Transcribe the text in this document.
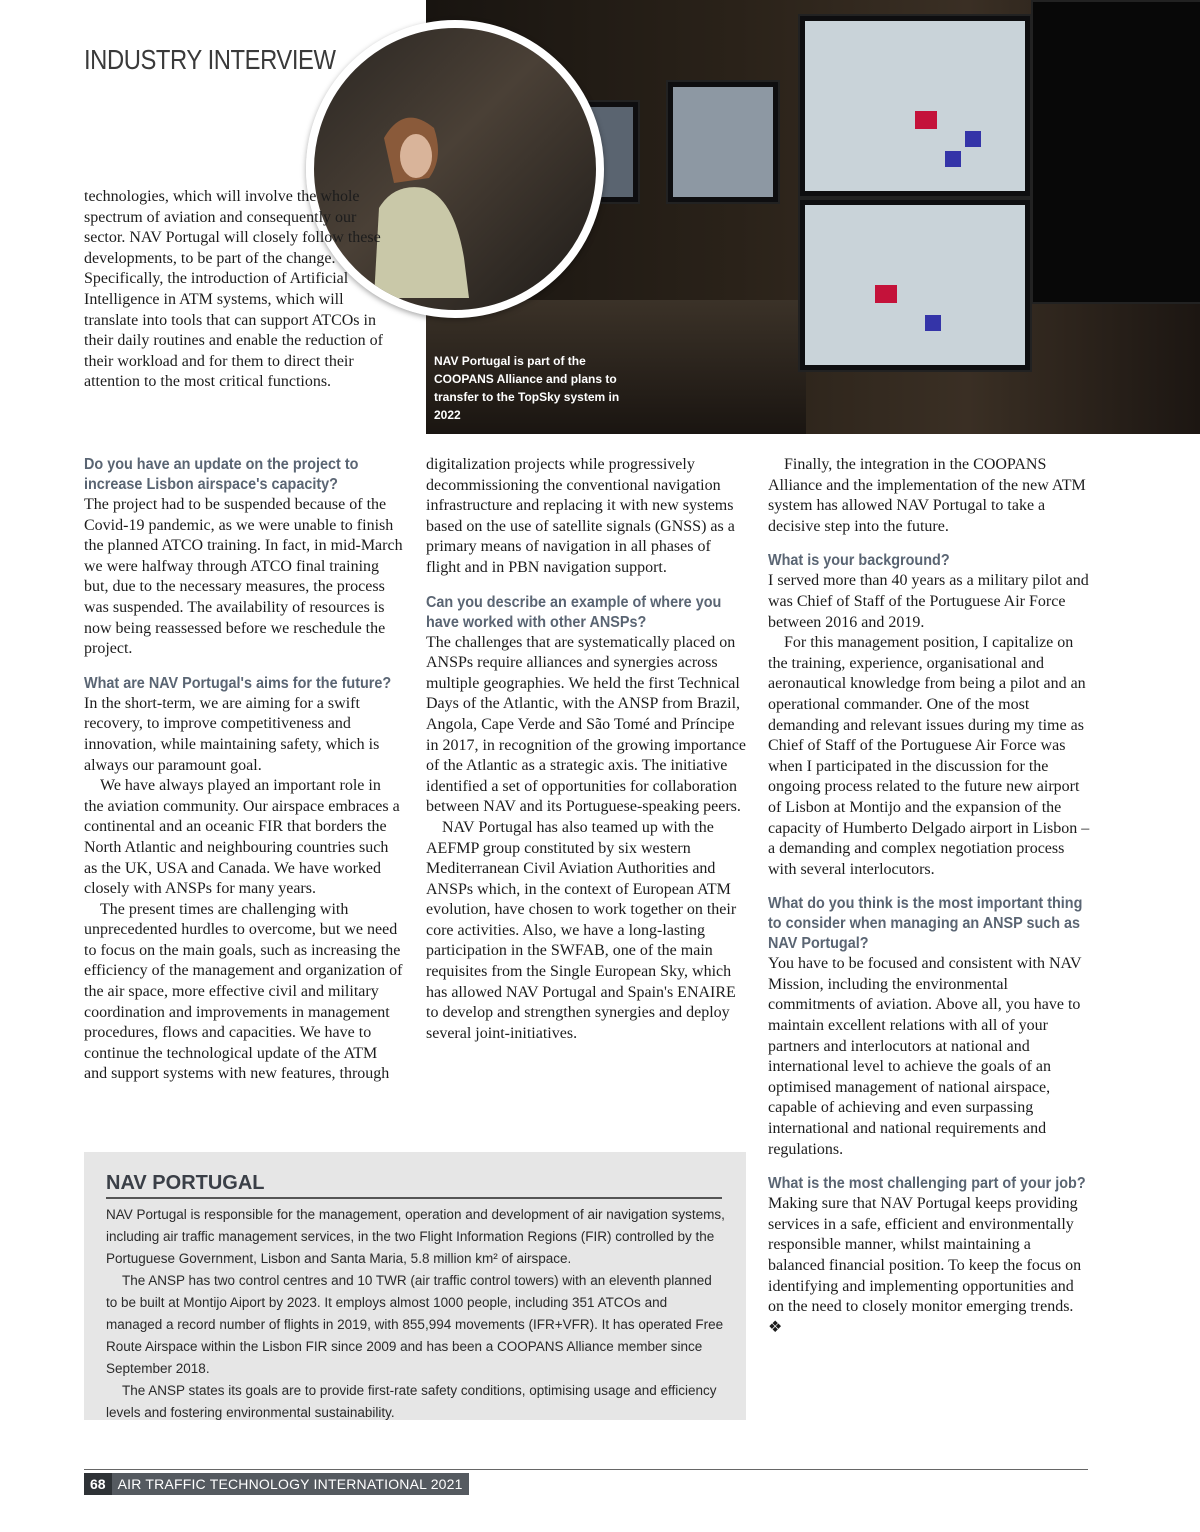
INDUSTRY INTERVIEW
NAV Portugal is part of the COOPANS Alliance and plans to transfer to the TopSky system in 2022

technologies, which will involve the whole spectrum of aviation and consequently our sector. NAV Portugal will closely follow these developments, to be part of the change. Specifically, the introduction of Artificial Intelligence in ATM systems, which will translate into tools that can support ATCOs in their daily routines and enable the reduction of their workload and for them to direct their attention to the most critical functions.

Do you have an update on the project to increase Lisbon airspace's capacity?

The project had to be suspended because of the Covid-19 pandemic, as we were unable to finish the planned ATCO training. In fact, in mid-March we were halfway through ATCO final training but, due to the necessary measures, the process was suspended. The availability of resources is now being reassessed before we reschedule the project.

What are NAV Portugal's aims for the future?

In the short-term, we are aiming for a swift recovery, to improve competitiveness and innovation, while maintaining safety, which is always our paramount goal.

We have always played an important role in the aviation community. Our airspace embraces a continental and an oceanic FIR that borders the North Atlantic and neighbouring countries such as the UK, USA and Canada. We have worked closely with ANSPs for many years.

The present times are challenging with unprecedented hurdles to overcome, but we need to focus on the main goals, such as increasing the efficiency of the management and organization of the air space, more effective civil and military coordination and improvements in management procedures, flows and capacities. We have to continue the technological update of the ATM and support systems with new features, through

digitalization projects while progressively decommissioning the conventional navigation infrastructure and replacing it with new systems based on the use of satellite signals (GNSS) as a primary means of navigation in all phases of flight and in PBN navigation support.

Can you describe an example of where you have worked with other ANSPs?

The challenges that are systematically placed on ANSPs require alliances and synergies across multiple geographies. We held the first Technical Days of the Atlantic, with the ANSP from Brazil, Angola, Cape Verde and São Tomé and Príncipe in 2017, in recognition of the growing importance of the Atlantic as a strategic axis. The initiative identified a set of opportunities for collaboration between NAV and its Portuguese-speaking peers.

NAV Portugal has also teamed up with the AEFMP group constituted by six western Mediterranean Civil Aviation Authorities and ANSPs which, in the context of European ATM evolution, have chosen to work together on their core activities. Also, we have a long-lasting participation in the SWFAB, one of the main requisites from the Single European Sky, which has allowed NAV Portugal and Spain's ENAIRE to develop and strengthen synergies and deploy several joint-initiatives.

Finally, the integration in the COOPANS Alliance and the implementation of the new ATM system has allowed NAV Portugal to take a decisive step into the future.

What is your background?

I served more than 40 years as a military pilot and was Chief of Staff of the Portuguese Air Force between 2016 and 2019.

For this management position, I capitalize on the training, experience, organisational and aeronautical knowledge from being a pilot and an operational commander. One of the most demanding and relevant issues during my time as Chief of Staff of the Portuguese Air Force was when I participated in the discussion for the ongoing process related to the future new airport of Lisbon at Montijo and the expansion of the capacity of Humberto Delgado airport in Lisbon – a demanding and complex negotiation process with several interlocutors.

What do you think is the most important thing to consider when managing an ANSP such as NAV Portugal?

You have to be focused and consistent with NAV Mission, including the environmental commitments of aviation. Above all, you have to maintain excellent relations with all of your partners and interlocutors at national and international level to achieve the goals of an optimised management of national airspace, capable of achieving and even surpassing international and national requirements and regulations.

What is the most challenging part of your job?

Making sure that NAV Portugal keeps providing services in a safe, efficient and environmentally responsible manner, whilst maintaining a balanced financial position. To keep the focus on identifying and implementing opportunities and on the need to closely monitor emerging trends. ❖

NAV PORTUGAL

NAV Portugal is responsible for the management, operation and development of air navigation systems, including air traffic management services, in the two Flight Information Regions (FIR) controlled by the Portuguese Government, Lisbon and Santa Maria, 5.8 million km² of airspace.

The ANSP has two control centres and 10 TWR (air traffic control towers) with an eleventh planned to be built at Montijo Aiport by 2023. It employs almost 1000 people, including 351 ATCOs and managed a record number of flights in 2019, with 855,994 movements (IFR+VFR). It has operated Free Route Airspace within the Lisbon FIR since 2009 and has been a COOPANS Alliance member since September 2018.

The ANSP states its goals are to provide first-rate safety conditions, optimising usage and efficiency levels and fostering environmental sustainability.

68 AIR TRAFFIC TECHNOLOGY INTERNATIONAL 2021
